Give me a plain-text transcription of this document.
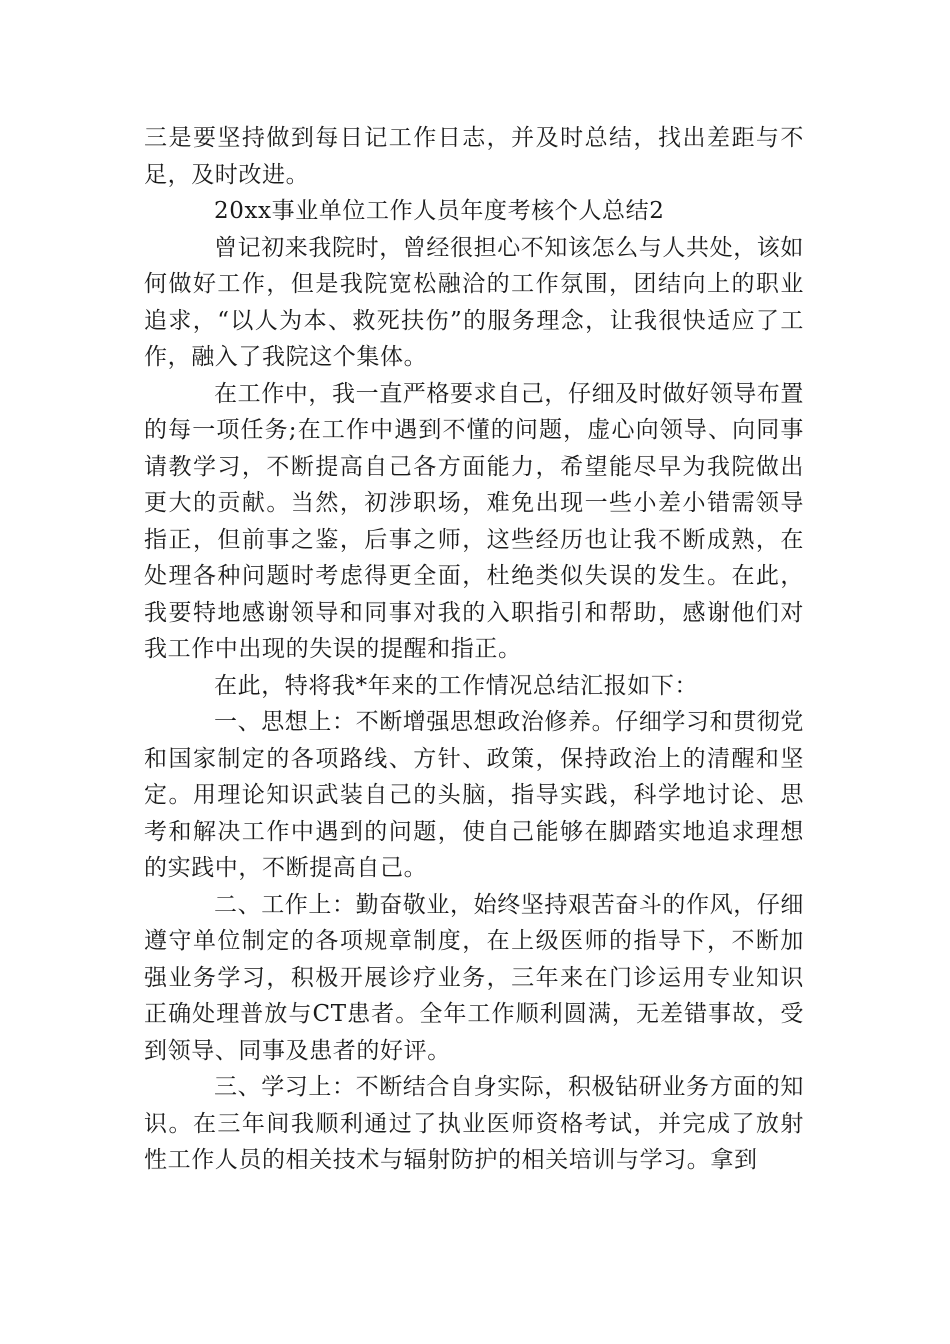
三是要坚持做到每日记工作日志，并及时总结，找出差距与不足，及时改进。

20xx事业单位工作人员年度考核个人总结2

曾记初来我院时，曾经很担心不知该怎么与人共处，该如何做好工作，但是我院宽松融洽的工作氛围，团结向上的职业追求，“以人为本、救死扶伤”的服务理念，让我很快适应了工作，融入了我院这个集体。

在工作中，我一直严格要求自己，仔细及时做好领导布置的每一项任务;在工作中遇到不懂的问题，虚心向领导、向同事请教学习，不断提高自己各方面能力，希望能尽早为我院做出更大的贡献。当然，初涉职场，难免出现一些小差小错需领导指正，但前事之鉴，后事之师，这些经历也让我不断成熟，在处理各种问题时考虑得更全面，杜绝类似失误的发生。在此，我要特地感谢领导和同事对我的入职指引和帮助，感谢他们对我工作中出现的失误的提醒和指正。

在此，特将我*年来的工作情况总结汇报如下：

一、思想上：不断增强思想政治修养。仔细学习和贯彻党和国家制定的各项路线、方针、政策，保持政治上的清醒和坚定。用理论知识武装自己的头脑，指导实践，科学地讨论、思考和解决工作中遇到的问题，使自己能够在脚踏实地追求理想的实践中，不断提高自己。

二、工作上：勤奋敬业，始终坚持艰苦奋斗的作风，仔细遵守单位制定的各项规章制度，在上级医师的指导下，不断加强业务学习，积极开展诊疗业务，三年来在门诊运用专业知识正确处理普放与CT患者。全年工作顺利圆满，无差错事故，受到领导、同事及患者的好评。

三、学习上：不断结合自身实际，积极钻研业务方面的知识。在三年间我顺利通过了执业医师资格考试，并完成了放射性工作人员的相关技术与辐射防护的相关培训与学习。拿到
